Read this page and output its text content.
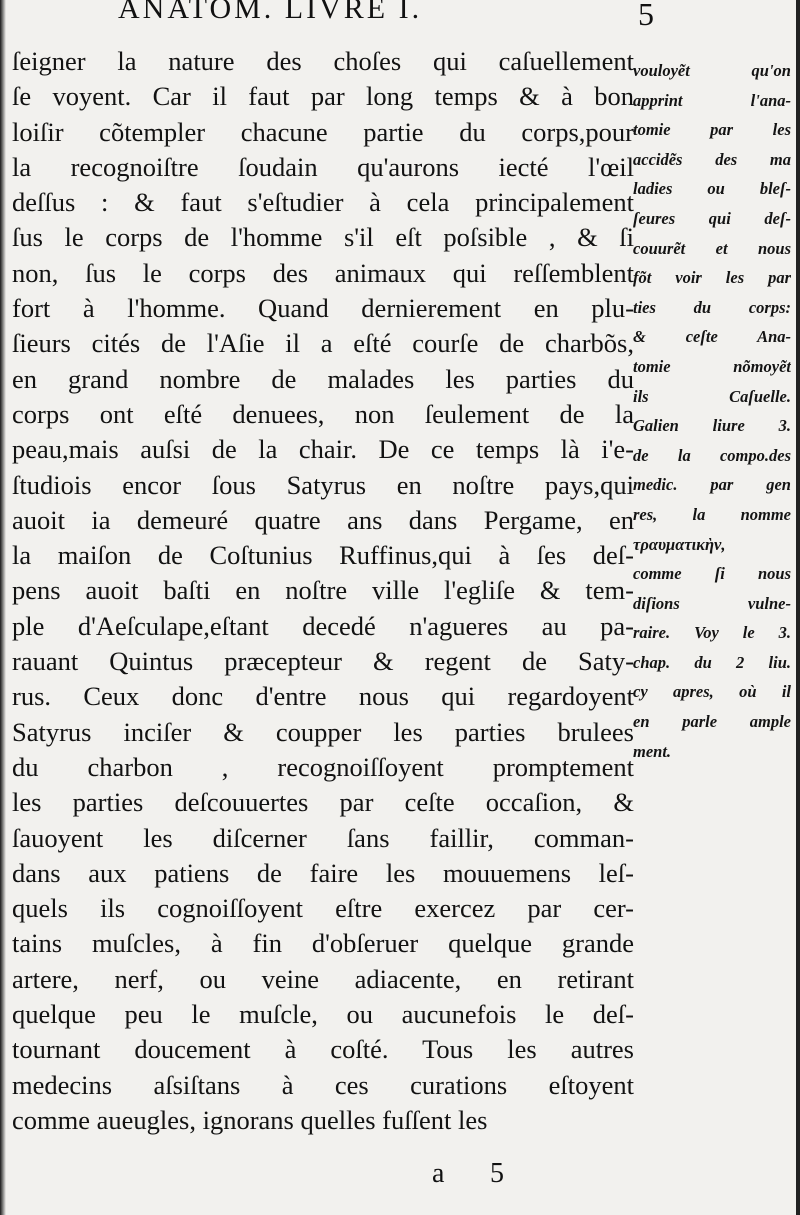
ANATOM. LIVRE I.	5
ſeigner la nature des choſes qui caſuellement
ſe voyent. Car il faut par long temps & à bon
loiſir cõtempler chacune partie du corps,pour
la recognoiſtre ſoudain qu'aurons iecté l'œil
deſſus : & faut s'eſtudier à cela principalement
ſus le corps de l'homme s'il eſt poſsible , & ſi
non, ſus le corps des animaux qui reſſemblent
fort à l'homme. Quand dernierement en plu-
ſieurs cités de l'Aſie il a eſté courſe de charbõs,
en grand nombre de malades les parties du
corps ont eſté denuees, non ſeulement de la
peau,mais auſsi de la chair. De ce temps là i'e-
ſtudiois encor ſous Satyrus en noſtre pays,qui
auoit ia demeuré quatre ans dans Pergame, en
la maiſon de Coſtunius Ruffinus,qui à ſes deſ-
pens auoit baſti en noſtre ville l'egliſe & tem-
ple d'Aeſculape,eſtant decedé n'agueres au pa-
rauant Quintus præcepteur & regent de Saty-
rus. Ceux donc d'entre nous qui regardoyent
Satyrus inciſer & coupper les parties brulees
du charbon , recognoiſſoyent promptement
les parties deſcouuertes par ceſte occaſion, &
ſauoyent les diſcerner ſans faillir, comman-
dans aux patiens de faire les mouuemens leſ-
quels ils cognoiſſoyent eſtre exercez par cer-
tains muſcles, à fin d'obſeruer quelque grande
artere, nerf, ou veine adiacente, en retirant
quelque peu le muſcle, ou aucunefois le deſ-
tournant doucement à coſté. Tous les autres
medecins aſsiſtans à ces curations eſtoyent
comme aueugles, ignorans quelles fuſſent les
vouloyẽt qu'on
apprint l'ana-
tomie par les
accidẽs des ma
ladies ou bleſ-
ſeures qui deſ-
couurẽt et nous
fõt voir les par
ties du corps:
& ceſte Ana-
tomie nõmoyẽt
ils Caſuelle.
Galien liure 3.
de la compo.des
medic. par gen
res, la nomme
τραυματικὴν,
comme ſi nous
diſions vulne-
raire. Voy le 3.
chap. du 2 liu.
cy apres, où il
en parle ample
ment.
a 5
